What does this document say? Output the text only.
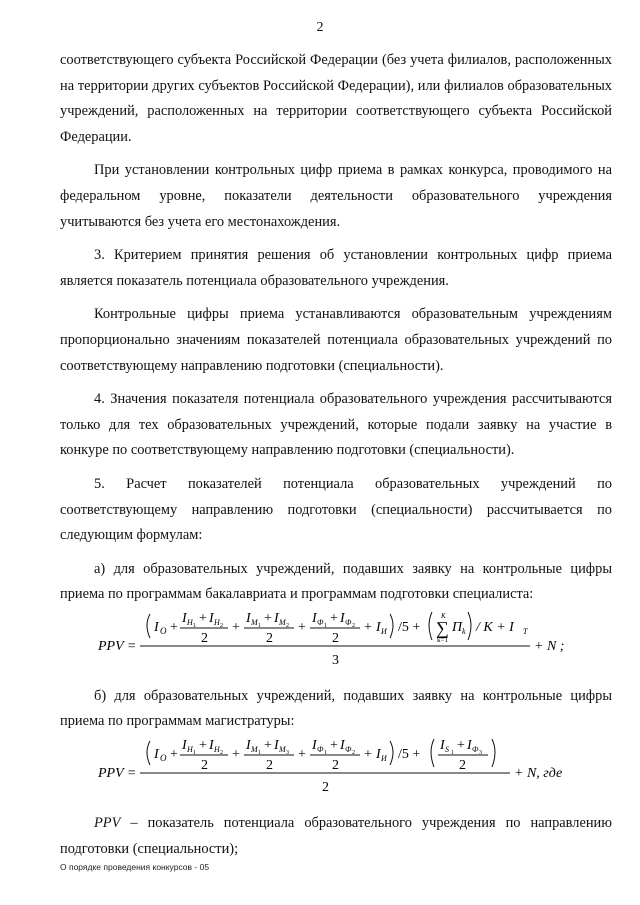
2

соответствующего субъекта Российской Федерации (без учета филиалов, расположенных на территории других субъектов Российской Федерации), или филиалов образовательных учреждений, расположенных на территории соответствующего субъекта Российской Федерации.

При установлении контрольных цифр приема в рамках конкурса, проводимого на федеральном уровне, показатели деятельности образовательного учреждения учитываются без учета его местонахождения.

3. Критерием принятия решения об установлении контрольных цифр приема является показатель потенциала образовательного учреждения.

Контрольные цифры приема устанавливаются образовательным учреждениям пропорционально значениям показателей потенциала образовательных учреждений по соответствующему направлению подготовки (специальности).

4. Значения показателя потенциала образовательного учреждения рассчитываются только для тех образовательных учреждений, которые подали заявку на участие в конкуре по соответствующему направлению подготовки (специальности).

5. Расчет показателей потенциала образовательных учреждений по соответствующему направлению подготовки (специальности) рассчитывается по следующим формулам:

а) для образовательных учреждений, подавших заявку на контрольные цифры приема по программам бакалавриата и программам подготовки специалиста:

PPV =
I O +
I H 1 + I H 2
2
+
I M 1 + I M 2
2
+
I Ф 1 + I Ф 2
2
+ I И /5 +
K
∑
k=1
П k / K + I T
3
+ N ;

б) для образовательных учреждений, подавших заявку на контрольные цифры приема по программам магистратуры:

PPV =
I O +
I H 1 + I H 2
2
+
I M 1 + I M 3
2
+
I Ф 1 + I Ф 2
2
+ I И /5 +
I S 1 + I Ф 3
2
2
+ N, где

PPV – показатель потенциала образовательного учреждения по направлению подготовки (специальности);

О порядке проведения конкурсов - 05
